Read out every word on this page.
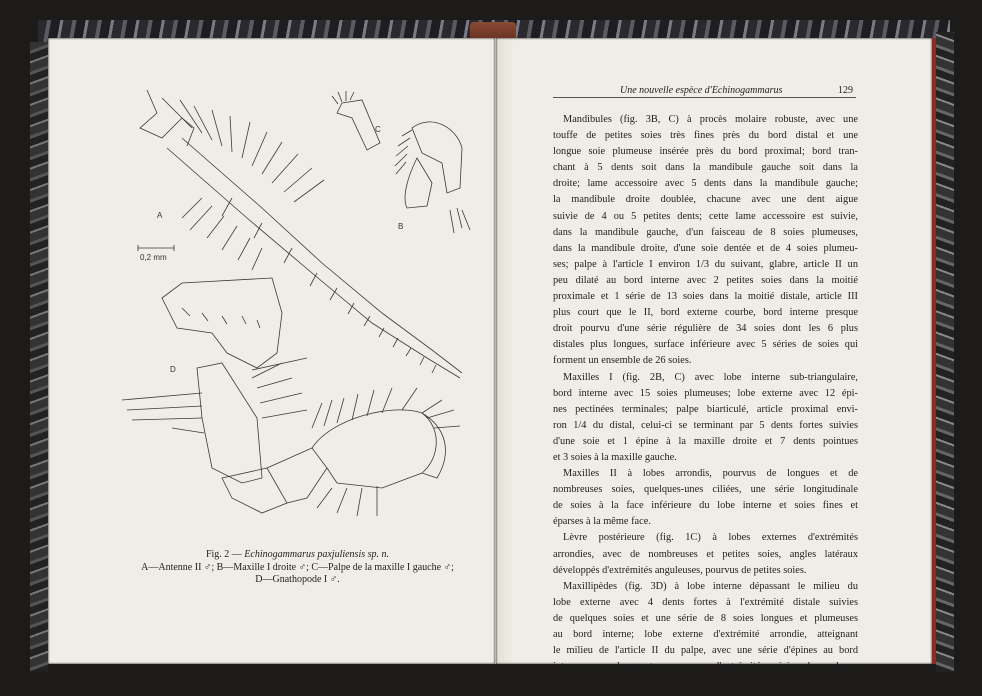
A
C
B
D
0,2 mm
Fig. 2 — Echinogammarus paxjuliensis sp. n.
A—Antenne II ♂; B—Maxille I droite ♂; C—Palpe de la maxille I gauche ♂;
D—Gnathopode I ♂.
Une nouvelle espèce d'Echinogammarus	129
Mandibules (fig. 3B, C) à procès molaire robuste, avec une
touffe de petites soies très fines près du bord distal et une
longue soie plumeuse insérée près du bord proximal; bord tran-
chant à 5 dents soit dans la mandibule gauche soit dans la
droite; lame accessoire avec 5 dents dans la mandibule gauche;
la mandibule droite doublée, chacune avec une dent aigue
suivie de 4 ou 5 petites dents; cette lame accessoire est suivie,
dans la mandibule gauche, d'un faisceau de 8 soies plumeuses,
dans la mandibule droite, d'une soie dentée et de 4 soies plumeu-
ses; palpe à l'article I environ 1/3 du suivant, glabre, article II un
peu dilaté au bord interne avec 2 petites soies dans la moitié
proximale et 1 série de 13 soies dans la moitié distale, article III
plus court que le II, bord externe courbe, bord interne presque
droit pourvu d'une série régulière de 34 soies dont les 6 plus
distales plus longues, surface inférieure avec 5 séries de soies qui
forment un ensemble de 26 soies.
Maxilles I (fig. 2B, C) avec lobe interne sub-triangulaire,
bord interne avec 15 soies plumeuses; lobe externe avec 12 épi-
nes pectinées terminales; palpe biarticulé, article proximal envi-
ron 1/4 du distal, celui-ci se terminant par 5 dents fortes suivies
d'une soie et 1 épine à la maxille droite et 7 dents pointues
et 3 soies à la maxille gauche.
Maxilles II à lobes arrondis, pourvus de longues et de
nombreuses soies, quelques-unes ciliées, une série longitudinale
de soies à la face inférieure du lobe interne et soies fines et
éparses à la même face.
Lèvre postérieure (fig. 1C) à lobes externes d'extrémités
arrondies, avec de nombreuses et petites soies, angles latéraux
développés d'extrémités anguleuses, pourvus de petites soies.
Maxillipèdes (fig. 3D) à lobe interne dépassant le milieu du
lobe externe avec 4 dents fortes à l'extrémité distale suivies
de quelques soies et une série de 8 soies longues et plumeuses
au bord interne; lobe externe d'extrémité arrondie, atteignant
le milieu de l'article II du palpe, avec une série d'épines au bord
interne se prolongeant un peu sur l'extrémité, suivies de quelques
